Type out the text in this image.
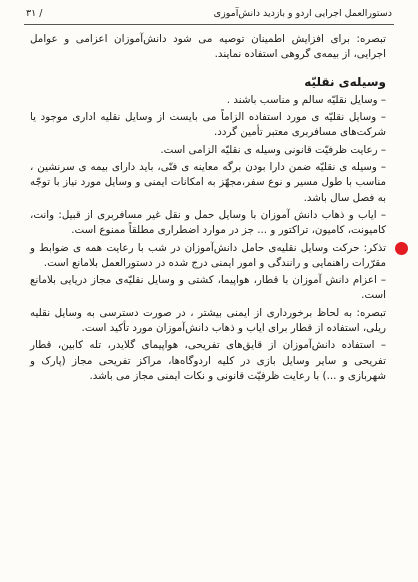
دستورالعمل اجرایی اردو و بازدید دانش‌آموزی
/ ۳۱

تبصره: برای افزایش اطمینان توصیه می شود دانش‌آموزان اعزامی و عوامل اجرایی، از بیمه‌ی گروهی استفاده نمایند.

وسیله‌ی نقلیّه

– وسایل نقلیّه سالم و مناسب باشند .

– وسایل نقلیّه ی مورد استفاده الزاماً می بایست از وسایل نقلیه اداری موجود یا شرکت‌های مسافربری معتبر تأمین گردد.

– رعایت ظرفیّت قانونی وسیله ی نقلیّه الزامی است.

– وسیله ی نقلیّه ضمن دارا بودن برگه معاینه ی فنّی، باید دارای بیمه ی سرنشین ، مناسب با طول مسیر و نوع سفر،مجهّز به امکانات ایمنی و وسایل مورد نیاز با توجّه به فصل سال باشد.

– ایاب و ذهاب دانش آموزان با وسایل حمل و نقل غیر مسافربری از قبیل: وانت، کامیونت، کامیون، تراکتور و ... جز در موارد اضطراری مطلقاً ممنوع است.

تذکر: حرکت وسایل نقلیه‌ی حامل دانش‌آموزان در شب با رعایت همه ی ضوابط و مقرّرات راهنمایی و رانندگی و امور ایمنی درج شده در دستورالعمل بلامانع است.

– اعزام دانش آموزان با قطار، هواپیما، کشتی و وسایل نقلیّه‌ی مجاز دریایی بلامانع است.

تبصره: به لحاظ برخورداری از ایمنی بیشتر ، در صورت دسترسی به وسایل نقلیه ریلی، استفاده از قطار برای ایاب و ذهاب دانش‌آموزان مورد تأکید است.

– استفاده دانش‌آموزان از قایق‌های تفریحی، هواپیمای گلایدر، تله کابین، قطار تفریحی و سایر وسایل بازی در کلیه اردوگاه‌ها، مراکز تفریحی مجاز (پارک و شهربازی و ...) با رعایت ظرفیّت قانونی و نکات ایمنی مجاز می باشد.
